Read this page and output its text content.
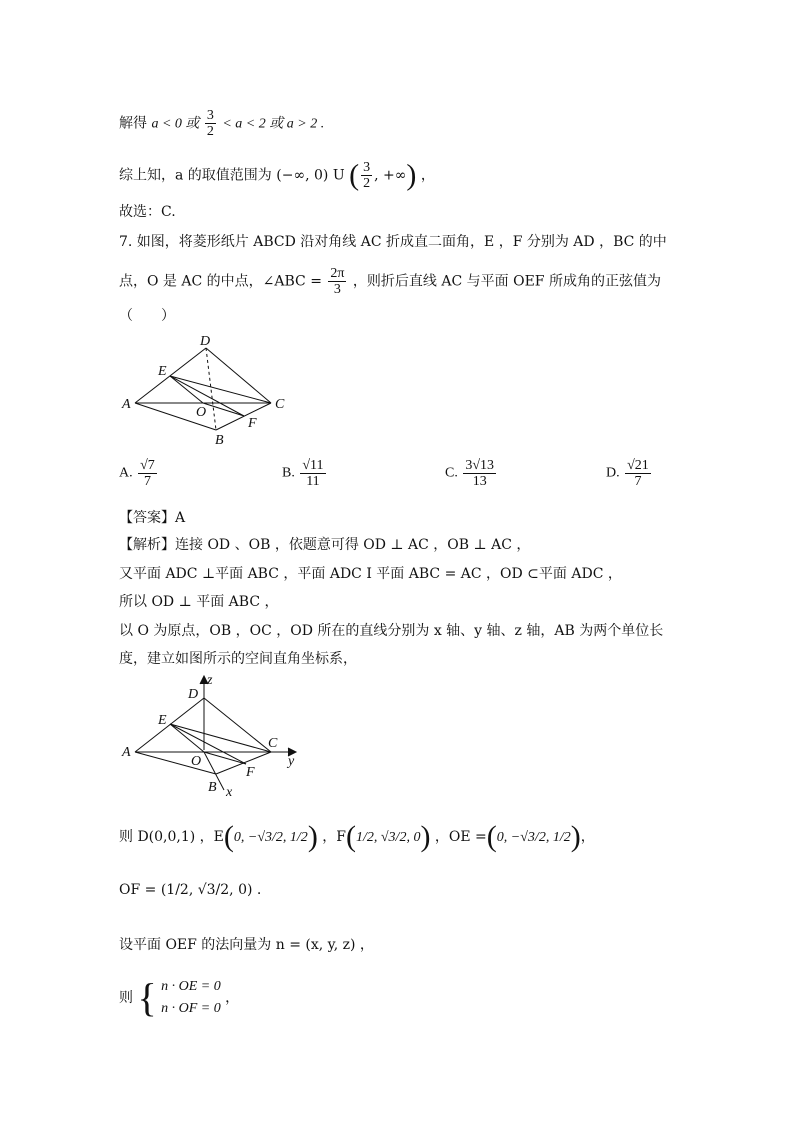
解得 a < 0 或 $\frac{3}{2} < a < 2$ 或 a > 2 .
综上知，a 的取值范围为 (−∞, 0) U ( $\frac{3}{2}$ , +∞) ，
故选：C.
7. 如图，将菱形纸片 ABCD 沿对角线 AC 折成直二面角，E ，F 分别为 AD ，BC 的中
点，O 是 AC 的中点，∠ABC = $\frac{2\pi}{3}$ ，则折后直线 AC 与平面 OEF 所成角的正弦值为
（　　）
D
E
A
O
C
F
B
A. $\frac{√7}{7}$	B. $\frac{√11}{11}$	C. $\frac{3√13}{13}$	D. $\frac{√21}{7}$
【答案】A
【解析】连接 OD 、OB ，依题意可得 OD ⊥ AC ，OB ⊥ AC ，
又平面 ADC ⊥平面 ABC ，平面 ADC I 平面 ABC = AC ，OD ⊂平面 ADC ，
所以 OD ⊥ 平面 ABC ，
以 O 为原点，OB ，OC ，OD 所在的直线分别为 x 轴、y 轴、z 轴，AB 为两个单位长
度，建立如图所示的空间直角坐标系，
z
D
E
A
O
C
y
F
B x
则 D(0,0,1) ，E(0, −√3/2, 1/2) ，F(1/2, √3/2, 0) ，OE =(0, −√3/2, 1/2)，
OF = (1/2, √3/2, 0) .
设平面 OEF 的法向量为 n = (x, y, z) ，
则 { n · OE = 0
n · OF = 0
，
